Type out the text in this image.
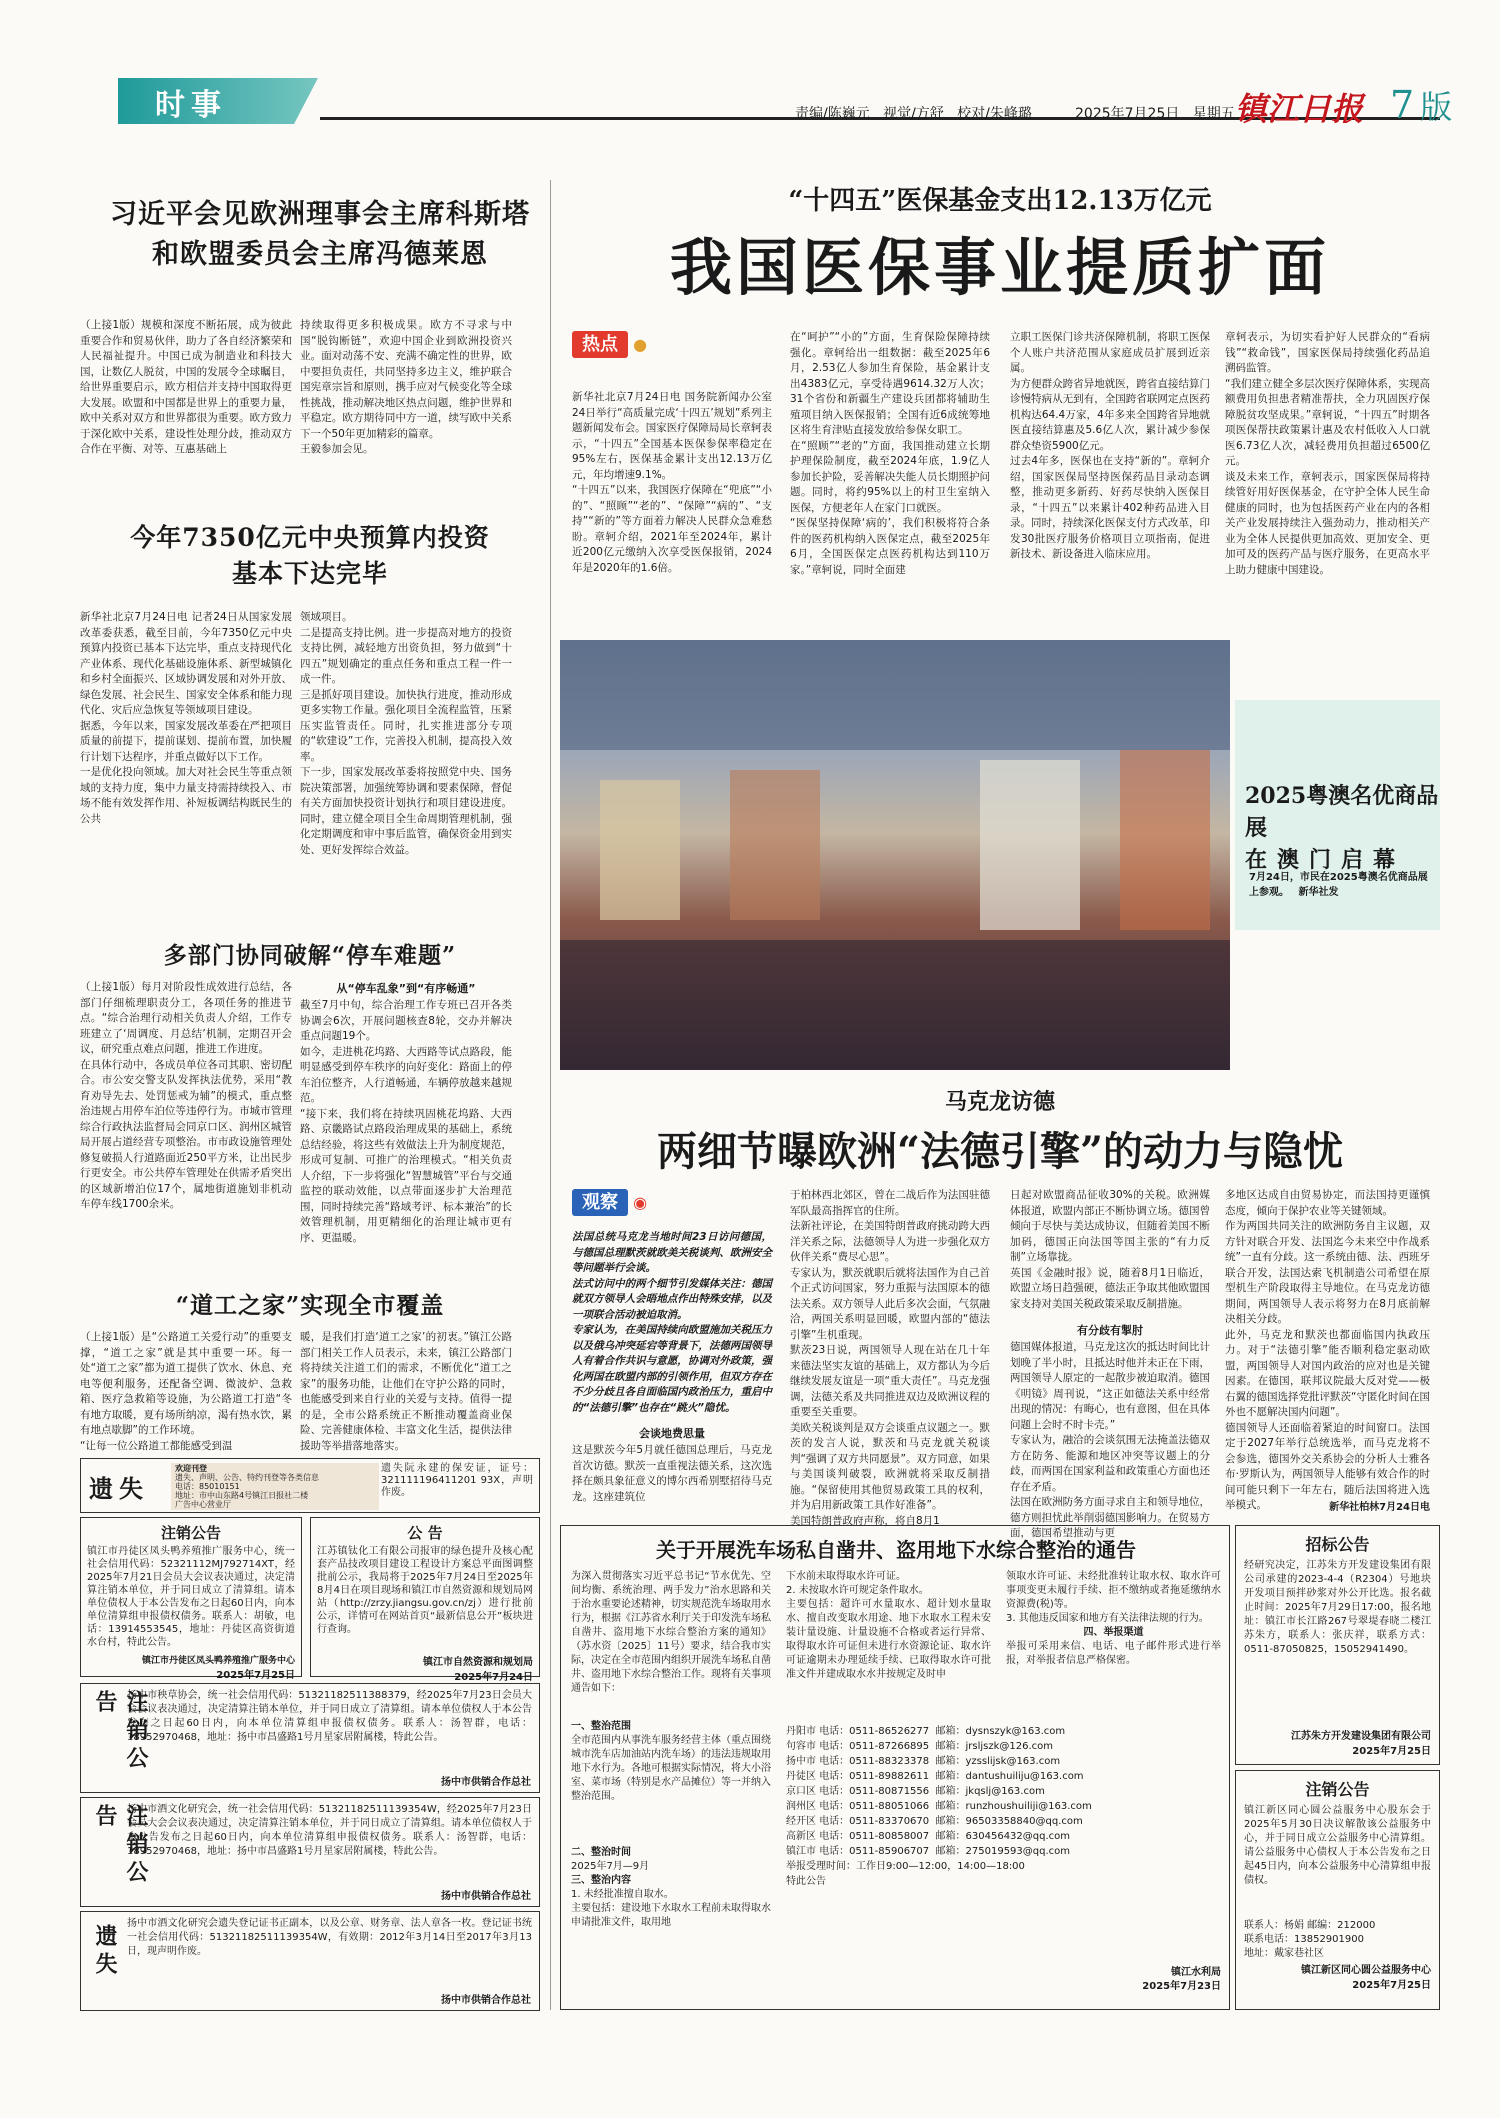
时事	责编/陈巍元 视觉/方舒 校对/朱峰璐	2025年7月25日 星期五 镇江日报 7 版
习近平会见欧洲理事会主席科斯塔
和欧盟委员会主席冯德莱恩
（上接1版）规模和深度不断拓展，成为彼此重要合作和贸易伙伴，助力了各自经济繁荣和人民福祉提升。中国已成为制造业和科技大国，让数亿人脱贫，中国的发展令全球瞩目，给世界重要启示，欧方相信并支持中国取得更大发展。欧盟和中国都是世界上的重要力量，欧中关系对双方和世界都很为重要。欧方致力于深化欧中关系，建设性处理分歧，推动双方合作在平衡、对等、互惠基础上
持续取得更多积极成果。欧方不寻求与中国“脱钩断链”，欢迎中国企业到欧洲投资兴业。面对动荡不安、充满不确定性的世界，欧中要担负责任，共同坚持多边主义，维护联合国宪章宗旨和原则，携手应对气候变化等全球性挑战，推动解决地区热点问题，维护世界和平稳定。欧方期待同中方一道，续写欧中关系下一个50年更加精彩的篇章。
王毅参加会见。
今年7350亿元中央预算内投资
基本下达完毕
新华社北京7月24日电 记者24日从国家发展改革委获悉，截至目前，今年7350亿元中央预算内投资已基本下达完毕，重点支持现代化产业体系、现代化基础设施体系、新型城镇化和乡村全面振兴、区域协调发展和对外开放、绿色发展、社会民生、国家安全体系和能力现代化、灾后应急恢复等领域项目建设。
据悉，今年以来，国家发展改革委在严把项目质量的前提下，提前谋划、提前布置，加快履行计划下达程序，并重点做好以下工作。
一是优化投向领域。加大对社会民生等重点领域的支持力度，集中力量支持需持续投入、市场不能有效发挥作用、补短板调结构既民生的公共
领域项目。
二是提高支持比例。进一步提高对地方的投资支持比例，减轻地方出资负担，努力做到“十四五”规划确定的重点任务和重点工程一件一成一件。
三是抓好项目建设。加快执行进度，推动形成更多实物工作量。强化项目全流程监管，压紧压实监管责任。同时，扎实推进部分专项的“软建设”工作，完善投入机制，提高投入效率。
下一步，国家发展改革委将按照党中央、国务院决策部署，加强统筹协调和要素保障，督促有关方面加快投资计划执行和项目建设进度。同时，建立健全项目全生命周期管理机制，强化定期调度和审中事后监管，确保资金用到实处、更好发挥综合效益。
多部门协同破解“停车难题”
（上接1版）每月对阶段性成效进行总结，各部门仔细梳理职责分工，各项任务的推进节点。“综合治理行动相关负责人介绍，工作专班建立了‘周调度、月总结’机制，定期召开会议，研究重点难点问题，推进工作进度。
在具体行动中，各成员单位各司其职、密切配合。市公安交警支队发挥执法优势，采用“教育劝导先去、处罚惩戒为辅”的模式，重点整治违规占用停车泊位等违停行为。市城市管理综合行政执法监督局会同京口区、润州区城管局开展占道经营专项整治。市市政设施管理处修复破损人行道路面近250平方米，让出民步行更安全。市公共停车管理处在供需矛盾突出的区域新增泊位17个，属地街道施划非机动车停车线1700余米。
从“停车乱象”到“有序畅通”
截至7月中旬，综合治理工作专班已召开各类协调会6次，开展问题核查8轮，交办并解决重点问题19个。
如今，走进桃花坞路、大西路等试点路段，能明显感受到停车秩序的向好变化：路面上的停车泊位整齐，人行道畅通，车辆停放越来越规范。
“接下来，我们将在持续巩固桃花坞路、大西路、京畿路试点路段治理成果的基础上，系统总结经验，将这些有效做法上升为制度规范，形成可复制、可推广的治理模式。“相关负责人介绍，下一步将强化“智慧城管”平台与交通监控的联动效能，以点带面逐步扩大治理范围，同时持续完善“路域考评、标本兼治”的长效管理机制，用更精细化的治理让城市更有序、更温暖。
“道工之家”实现全市覆盖
（上接1版）是“公路道工关爱行动”的重要支撑，“道工之家”就是其中重要一环。每一处“道工之家”都为道工提供了饮水、休息、充电等便利服务，还配备空调、微波炉、急救箱、医疗急救箱等设施，为公路道工打造“冬有地方取暖，夏有场所纳凉，渴有热水饮，累有地点歇脚”的工作环境。
“让每一位公路道工都能感受到温
暖，是我们打造‘道工之家’的初衷。”镇江公路部门相关工作人员表示，未来，镇江公路部门将持续关注道工们的需求，不断优化“道工之家”的服务功能，让他们在守护公路的同时，也能感受到来自行业的关爱与支持。值得一提的是，全市公路系统正不断推动覆盖商业保险、完善健康体检、丰富文化生活，提供法律援助等举措落地落实。
遗失
欢迎刊登
遗失、声明、公告、特约刊登等各类信息
电话：85010151
地址：市中山东路4号镇江日报社二楼
广告中心营业厅
遗失阮永建的保安证，证号：321111196411201 93X，声明作废。
注销公告
镇江市丹徒区凤头鸭养殖推广服务中心，统一社会信用代码：52321112MJ792714XT，经2025年7月21日会员大会议表决通过，决定清算注销本单位，并于同日成立了清算组。请本单位债权人于本公告发布之日起60日内，向本单位清算组申报债权债务。联系人：胡敏，电话：13914553545，地址：丹徒区高资街道水台村，特此公告。
镇江市丹徒区凤头鸭养殖推广服务中心
2025年7月25日
公 告
江苏镇钛化工有限公司报审的绿色提升及核心配套产品技改项目建设工程设计方案总平面图调整批前公示，我局将于2025年7月24日至2025年8月4日在项目现场和镇江市自然资源和规划局网站（http://zrzy.jiangsu.gov.cn/zj）进行批前公示，详情可在网站首页“最新信息公开”板块进行查询。
镇江市自然资源和规划局
2025年7月24日
注销公告	扬中市秧草协会，统一社会信用代码：51321182511388379，经2025年7月23日会员大会会议表决通过，决定清算注销本单位，并于同日成立了清算组。请本单位债权人于本公告发布之日起60日内，向本单位清算组申报债权债务。联系人：汤智群，电话：18952970468，地址：扬中市昌盛路1号月星家居附属楼，特此公告。
扬中市供销合作总社
注销公告	扬中市酒文化研究会，统一社会信用代码：51321182511139354W，经2025年7月23日会员大会会议表决通过，决定清算注销本单位，并于同日成立了清算组。请本单位债权人于本公告发布之日起60日内，向本单位清算组申报债权债务。联系人：汤智群，电话：18952970468，地址：扬中市昌盛路1号月星家居附属楼，特此公告。
扬中市供销合作总社
遗失
扬中市酒文化研究会遗失登记证书正副本，以及公章、财务章、法人章各一枚。登记证书统一社会信用代码：51321182511139354W，有效期：2012年3月14日至2017年3月13日，现声明作废。
扬中市供销合作总社
“十四五”医保基金支出12.13万亿元
我国医保事业提质扩面
热点 ●
新华社北京7月24日电 国务院新闻办公室24日举行“高质量完成‘十四五’规划”系列主题新闻发布会。国家医疗保障局局长章轲表示，“十四五”全国基本医保参保率稳定在95%左右，医保基金累计支出12.13万亿元，年均增速9.1%。
“十四五”以来，我国医疗保障在“兜底”“小的”、“照顾”“老的”、“保障”“病的”、“支持”“新的”等方面着力解决人民群众急难愁盼。章轲介绍，2021年至2024年，累计近200亿元缴纳入次享受医保报销，2024年是2020年的1.6倍。
在“呵护”“小的”方面，生育保险保障持续强化。章轲给出一组数据：截至2025年6月，2.53亿人参加生育保险，基金累计支出4383亿元，享受待遇9614.32万人次；31个省份和新疆生产建设兵团都将辅助生殖项目纳入医保报销；全国有近6成统筹地区将生育津贴直接发放给参保女职工。
在“照顾”“老的”方面，我国推动建立长期护理保险制度，截至2024年底，1.9亿人参加长护险，妥善解决失能人员长期照护问题。同时，将约95%以上的村卫生室纳入医保，方便老年人在家门口就医。
“医保坚持保障‘病的’，我们积极将符合条件的医药机构纳入医保定点，截至2025年6月，全国医保定点医药机构达到110万家。”章轲说，同时全面建
立职工医保门诊共济保障机制，将职工医保个人账户共济范围从家庭成员扩展到近亲属。
为方便群众跨省异地就医，跨省直接结算门诊慢特病从无到有，全国跨省联网定点医药机构达64.4万家，4年多来全国跨省异地就医直接结算惠及5.6亿人次，累计减少参保群众垫资5900亿元。
过去4年多，医保也在支持“新的”。章轲介绍，国家医保局坚持医保药品目录动态调整，推动更多新药、好药尽快纳入医保目录，“十四五”以来累计402种药品进入目录。同时，持续深化医保支付方式改革，印发30批医疗服务价格项目立项指南，促进新技术、新设备进入临床应用。
章轲表示，为切实看护好人民群众的“看病钱”“救命钱”，国家医保局持续强化药品追溯码监管。
“我们建立健全多层次医疗保障体系，实现高额费用负担患者精准帮扶，全力巩固医疗保障脱贫攻坚成果。”章轲说，“十四五”时期各项医保帮扶政策累计惠及农村低收入人口就医6.73亿人次，减轻费用负担超过6500亿元。
谈及未来工作，章轲表示，国家医保局将持续管好用好医保基金，在守护全体人民生命健康的同时，也为包括医药产业在内的各相关产业发展持续注入强劲动力，推动相关产业为全体人民提供更加高效、更加安全、更加可及的医药产品与医疗服务，在更高水平上助力健康中国建设。
2025粤澳名优商品展
在澳门启幕
7月24日，市民在2025粤澳名优商品展上参观。 新华社发
马克龙访德
两细节曝欧洲“法德引擎”的动力与隐忧
观察 ◉
法国总统马克龙当地时间23日访问德国，与德国总理默茨就欧美关税谈判、欧洲安全等问题举行会谈。
法式访问中的两个细节引发媒体关注：德国就双方领导人会晤地点作出特殊安排，以及一项联合活动被迫取消。
专家认为，在美国持续向欧盟施加关税压力以及俄乌冲突延宕等背景下，法德两国领导人有着合作共识与意愿，协调对外政策，强化两国在欧盟内部的引领作用，但双方存在不少分歧且各自面临国内政治压力，重启中的“法德引擎”也存在“跳火”隐忧。
会谈地费思量
这是默茨今年5月就任德国总理后，马克龙首次访德。默茨一直重视法德关系，这次选择在颇具象征意义的博尔西希别墅招待马克龙。这座建筑位
于柏林西北郊区，曾在二战后作为法国驻德军队最高指挥官的住所。
法新社评论，在美国特朗普政府挑动跨大西洋关系之际，法德领导人为进一步强化双方伙伴关系“费尽心思”。
专家认为，默茨就职后就将法国作为自己首个正式访问国家，努力重振与法国原本的德法关系。双方领导人此后多次会面，气氛融洽，两国关系明显回暖，欧盟内部的“德法引擎”生机重现。
默茨23日说，两国领导人现在站在几十年来德法坚实友谊的基础上，双方都认为今后继续发展友谊是一项“重大责任”。马克龙强调，法德关系及共同推进双边及欧洲议程的重要至关重要。
美欧关税谈判是双方会谈重点议题之一。默茨的发言人说，默茨和马克龙就关税谈判“强调了双方共同愿景”。双方同意，如果与美国谈判破裂，欧洲就将采取反制措施。“保留使用其他贸易政策工具的权利，并为启用新政策工具作好准备”。
美国特朗普政府声称，将自8月1
日起对欧盟商品征收30%的关税。欧洲媒体报道，欧盟内部正不断协调立场。德国曾倾向于尽快与美达成协议，但随着美国不断加码，德国正向法国等国主张的“有力反制”立场靠拢。
英国《金融时报》说，随着8月1日临近，欧盟立场日趋强硬，德法正争取其他欧盟国家支持对美国关税政策采取反制措施。
有分歧有掣肘
德国媒体报道，马克龙这次的抵达时间比计划晚了半小时，且抵达时他并未正在下雨，两国领导人原定的一起散步被迫取消。德国《明镜》周刊说，“这正如德法关系中经常出现的情况：有晦心，也有意图，但在具体问题上会时不时卡壳。”
专家认为，融洽的会谈氛围无法掩盖法德双方在防务、能源和地区冲突等议题上的分歧，而两国在国家利益和政策重心方面也还存在矛盾。
法国在欧洲防务方面寻求自主和领导地位，德方则担忧此举削弱德国影响力。在贸易方面，德国希望推动与更
多地区达成自由贸易协定，而法国持更谨慎态度，倾向于保护农业等关键领域。
作为两国共同关注的欧洲防务自主议题，双方针对联合开发、法国迄今未来空中作战系统”一直有分歧。这一系统由德、法、西班牙联合开发，法国达索飞机制造公司希望在原型机生产阶段取得主导地位。在马克龙访德期间，两国领导人表示将努力在8月底前解决相关分歧。
此外，马克龙和默茨也都面临国内执政压力。对于“法德引擎”能否顺利稳定驱动欧盟，两国领导人对国内政治的应对也是关键因素。在德国，联邦议院最大反对党——极右翼的德国选择党批评默茨“守匿化时间在国外也不愿解决国内问题”。
德国领导人还面临着紧迫的时间窗口。法国定于2027年举行总统选举，而马克龙将不会参选，德国外交关系协会的分析人士雅各布·罗斯认为，两国领导人能够有效合作的时间可能只剩下一年左右，随后法国将进入选举模式。	新华社柏林7月24日电
关于开展洗车场私自凿井、盗用地下水综合整治的通告
为深入贯彻落实习近平总书记“节水优先、空间均衡、系统治理、两手发力”治水思路和关于治水重要论述精神，切实规范洗车场取用水行为，根据《江苏省水利厅关于印发洗车场私自凿井、盗用地下水综合整治方案的通知》（苏水资〔2025〕11号）要求，结合我市实际，决定在全市范围内组织开展洗车场私自凿井、盗用地下水综合整治工作。现将有关事项通告如下：
一、整治范围
全市范围内从事洗车服务经营主体（重点围绕城市洗车店加油站内洗车场）的违法违规取用地下水行为。各地可根据实际情况，将大小浴室、菜市场（特别是水产品摊位）等一并纳入整治范围。
二、整治时间
2025年7月—9月
三、整治内容
1. 未经批准擅自取水。
主要包括：建设地下水取水工程前未取得取水申请批准文件，取用地
下水前未取得取水许可证。
2. 未按取水许可规定条件取水。
主要包括：超许可水量取水、超计划水量取水、擅自改变取水用途、地下水取水工程未安装计量设施、计量设施不合格或者运行异常、取得取水许可证但未进行水资源论证、取水许可证逾期未办理延续手续、已取得取水许可批准文件并建成取水水井按规定及时申
领取水许可证、未经批准转让取水权、取水许可事项变更未履行手续、拒不缴纳或者拖延缴纳水资源费(税)等。
3. 其他违反国家和地方有关法律法规的行为。
四、举报渠道
举报可采用来信、电话、电子邮件形式进行举报，对举报者信息严格保密。
丹阳市 电话：0511-86526277 邮箱：dysnszyk@163.com
句容市 电话：0511-87266895 邮箱：jrsljszk@126.com
扬中市 电话：0511-88323378 邮箱：yzsslijsk@163.com
丹徒区 电话：0511-89882611 邮箱：dantushuiliju@163.com
京口区 电话：0511-80871556 邮箱：jkqslj@163.com
润州区 电话：0511-88051066 邮箱：runzhoushuiliji@163.com
经开区 电话：0511-83370670 邮箱：96503358840@qq.com
高新区 电话：0511-80858007 邮箱：630456432@qq.com
镇江市 电话：0511-85906707 邮箱：275019593@qq.com
举报受理时间：工作日9:00—12:00，14:00—18:00
特此公告
镇江水利局
2025年7月23日
招标公告
经研究决定，江苏朱方开发建设集团有限公司承建的2023-4-4（R2304）号地块开发项目预拌砂浆对外公开比选。报名截止时间：2025年7月29日17:00，报名地址：镇江市长江路267号翠堤春晓二楼江苏朱方，联系人：张庆祥，联系方式：0511-87050825，15052941490。
江苏朱方开发建设集团有限公司
2025年7月25日
注销公告
镇江新区同心圆公益服务中心股东会于2025年5月30日决议解散该公益服务中心，并于同日成立公益服务中心清算组。请公益服务中心债权人于本公告发布之日起45日内，向本公益服务中心清算组申报债权。
联系人：杨娟 邮编：212000
联系电话：13852901900
地址：戴家巷社区
镇江新区同心圆公益服务中心
2025年7月25日
